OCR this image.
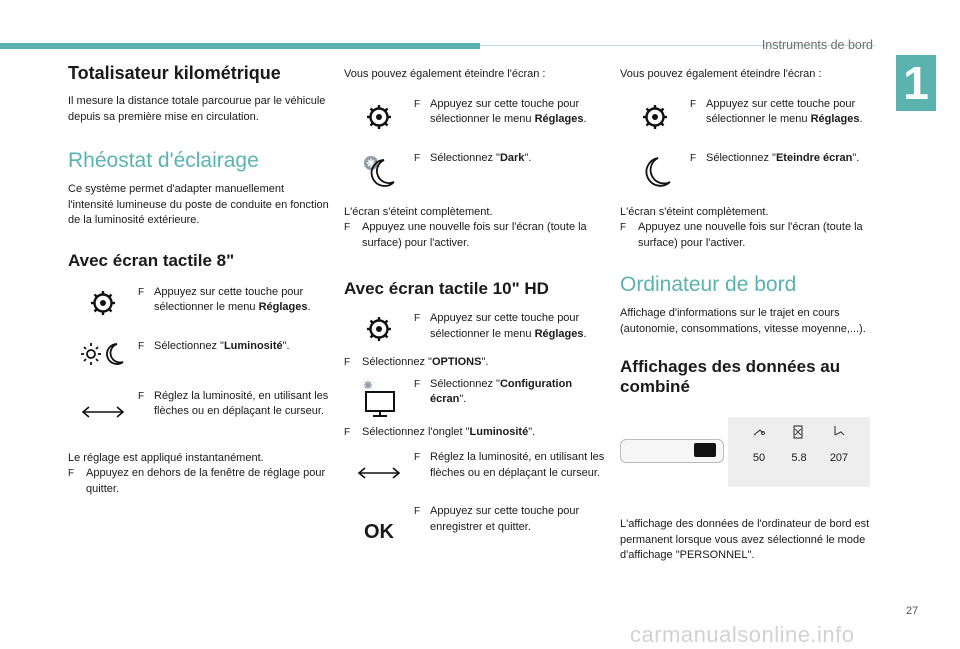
Instruments de bord
1
27
carmanualsonline.info
Totalisateur kilométrique

Il mesure la distance totale parcourue par le véhicule depuis sa première mise en circulation.

Rhéostat d'éclairage

Ce système permet d'adapter manuellement l'intensité lumineuse du poste de conduite en fonction de la luminosité extérieure.

Avec écran tactile 8"
F Appuyez sur cette touche pour sélectionner le menu Réglages.

F Sélectionnez "Luminosité".

F Réglez la luminosité, en utilisant les flèches ou en déplaçant le curseur.

Le réglage est appliqué instantanément.

F	Appuyez en dehors de la fenêtre de réglage pour quitter.

Vous pouvez également éteindre l'écran :

F Appuyez sur cette touche pour sélectionner le menu Réglages.

F Sélectionnez "Dark".

L'écran s'éteint complètement.

F	Appuyez une nouvelle fois sur l'écran (toute la surface) pour l'activer.

Avec écran tactile 10" HD
F Appuyez sur cette touche pour sélectionner le menu Réglages.

F	Sélectionnez "OPTIONS".

F Sélectionnez "Configuration écran".

F	Sélectionnez l'onglet "Luminosité".

F Réglez la luminosité, en utilisant les flèches ou en déplaçant le curseur.

OK
F Appuyez sur cette touche pour enregistrer et quitter.

Vous pouvez également éteindre l'écran :

F Appuyez sur cette touche pour sélectionner le menu Réglages.

F Sélectionnez "Eteindre écran".

L'écran s'éteint complètement.

F	Appuyez une nouvelle fois sur l'écran (toute la surface) pour l'activer.

Ordinateur de bord

Affichage d'informations sur le trajet en cours (autonomie, consommations, vitesse moyenne,...).

Affichages des données au combiné
50	5.8	207

L'affichage des données de l'ordinateur de bord est permanent lorsque vous avez sélectionné le mode d'affichage "PERSONNEL".
